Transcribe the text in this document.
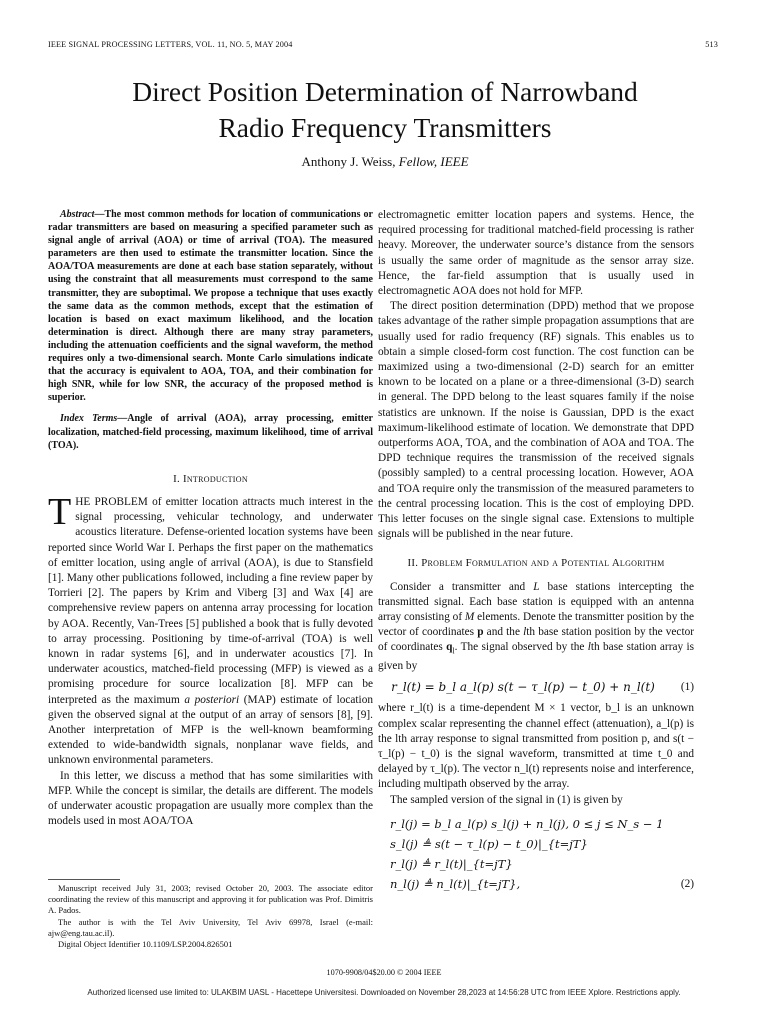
IEEE SIGNAL PROCESSING LETTERS, VOL. 11, NO. 5, MAY 2004	513
Direct Position Determination of Narrowband
Radio Frequency Transmitters
Anthony J. Weiss, Fellow, IEEE

Abstract—The most common methods for location of communications or radar transmitters are based on measuring a specified parameter such as signal angle of arrival (AOA) or time of arrival (TOA). The measured parameters are then used to estimate the transmitter location. Since the AOA/TOA measurements are done at each base station separately, without using the constraint that all measurements must correspond to the same transmitter, they are suboptimal. We propose a technique that uses exactly the same data as the common methods, except that the estimation of location is based on exact maximum likelihood, and the location determination is direct. Although there are many stray parameters, including the attenuation coefficients and the signal waveform, the method requires only a two-dimensional search. Monte Carlo simulations indicate that the accuracy is equivalent to AOA, TOA, and their combination for high SNR, while for low SNR, the accuracy of the proposed method is superior.

Index Terms—Angle of arrival (AOA), array processing, emitter localization, matched-field processing, maximum likelihood, time of arrival (TOA).

I. Introduction

THE PROBLEM of emitter location attracts much interest in the signal processing, vehicular technology, and underwater acoustics literature. Defense-oriented location systems have been reported since World War I. Perhaps the first paper on the mathematics of emitter location, using angle of arrival (AOA), is due to Stansfield [1]. Many other publications followed, including a fine review paper by Torrieri [2]. The papers by Krim and Viberg [3] and Wax [4] are comprehensive review papers on antenna array processing for location by AOA. Recently, Van-Trees [5] published a book that is fully devoted to array processing. Positioning by time-of-arrival (TOA) is well known in radar systems [6], and in underwater acoustics [7]. In underwater acoustics, matched-field processing (MFP) is viewed as a promising procedure for source localization [8]. MFP can be interpreted as the maximum a posteriori (MAP) estimate of location given the observed signal at the output of an array of sensors [8], [9]. Another interpretation of MFP is the well-known beamforming extended to wide-bandwidth signals, nonplanar wave fields, and unknown environmental parameters.

In this letter, we discuss a method that has some similarities with MFP. While the concept is similar, the details are different. The models of underwater acoustic propagation are usually more complex than the models used in most AOA/TOA

Manuscript received July 31, 2003; revised October 20, 2003. The associate editor coordinating the review of this manuscript and approving it for publication was Prof. Dimitris A. Pados.

The author is with the Tel Aviv University, Tel Aviv 69978, Israel (e-mail: ajw@eng.tau.ac.il).

Digital Object Identifier 10.1109/LSP.2004.826501

electromagnetic emitter location papers and systems. Hence, the required processing for traditional matched-field processing is rather heavy. Moreover, the underwater source’s distance from the sensors is usually the same order of magnitude as the sensor array size. Hence, the far-field assumption that is usually used in electromagnetic AOA does not hold for MFP.

The direct position determination (DPD) method that we propose takes advantage of the rather simple propagation assumptions that are usually used for radio frequency (RF) signals. This enables us to obtain a simple closed-form cost function. The cost function can be maximized using a two-dimensional (2-D) search for an emitter known to be located on a plane or a three-dimensional (3-D) search in general. The DPD belong to the least squares family if the noise statistics are unknown. If the noise is Gaussian, DPD is the exact maximum-likelihood estimate of location. We demonstrate that DPD outperforms AOA, TOA, and the combination of AOA and TOA. The DPD technique requires the transmission of the received signals (possibly sampled) to a central processing location. However, AOA and TOA require only the transmission of the measured parameters to the central processing location. This is the cost of employing DPD. This letter focuses on the single signal case. Extensions to multiple signals will be published in the near future.

II. Problem Formulation and a Potential Algorithm

Consider a transmitter and L base stations intercepting the transmitted signal. Each base station is equipped with an antenna array consisting of M elements. Denote the transmitter position by the vector of coordinates p and the lth base station position by the vector of coordinates $q_l$. The signal observed by the lth base station array is given by

r_l(t) = b_l a_l(p) s(t − τ_l(p) − t_0) + n_l(t)	(1)

where r_l(t) is a time-dependent M × 1 vector, b_l is an unknown complex scalar representing the channel effect (attenuation), a_l(p) is the lth array response to signal transmitted from position p, and s(t − τ_l(p) − t_0) is the signal waveform, transmitted at time t_0 and delayed by τ_l(p). The vector n_l(t) represents noise and interference, including multipath observed by the array.

The sampled version of the signal in (1) is given by

r_l(j) = b_l a_l(p) s_l(j) + n_l(j), 0 ≤ j ≤ N_s − 1
s_l(j) ≜ s(t − τ_l(p) − t_0)|_{t=jT}
r_l(j) ≜ r_l(t)|_{t=jT}
n_l(j) ≜ n_l(t)|_{t=jT},	(2)
1070-9908/04$20.00 © 2004 IEEE
Authorized licensed use limited to: ULAKBIM UASL - Hacettepe Universitesi. Downloaded on November 28,2023 at 14:56:28 UTC from IEEE Xplore. Restrictions apply.
